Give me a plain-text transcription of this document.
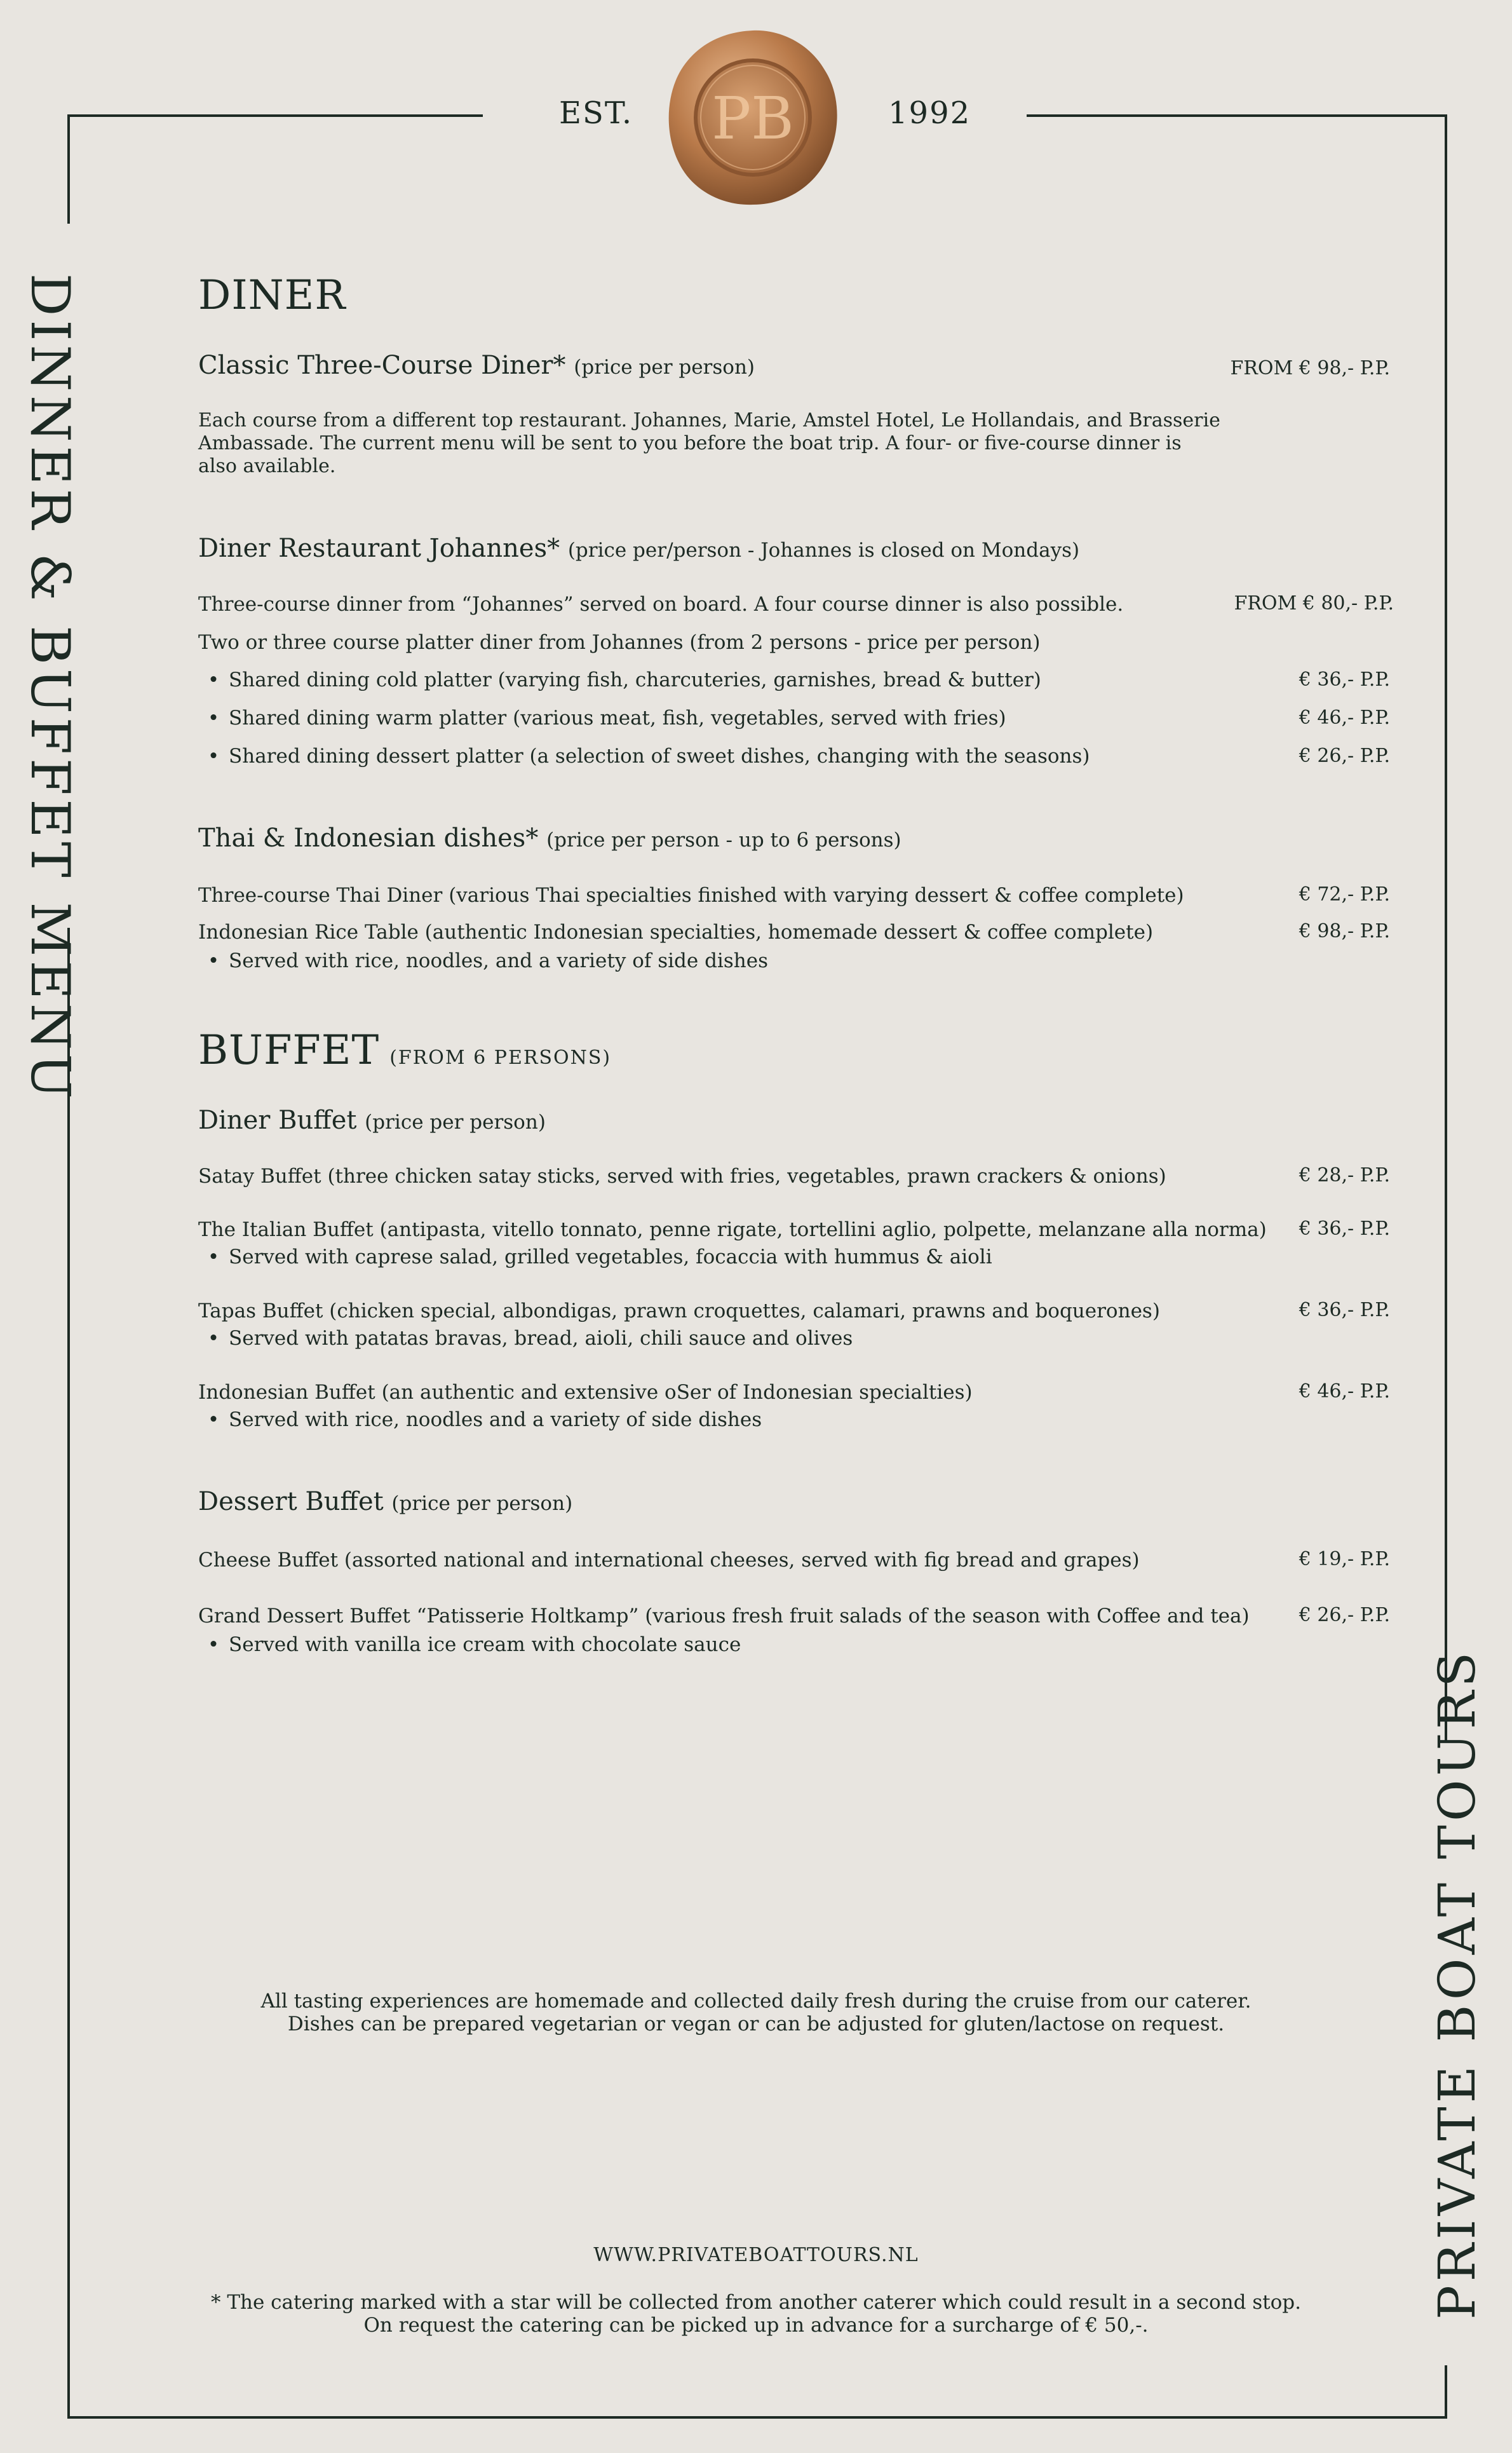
EST.	1992
PB
DINNER & BUFFET MENU
PRIVATE BOAT TOURS
DINER
Classic Three-Course Diner* (price per person)	FROM € 98,- P.P.
Each course from a different top restaurant. Johannes, Marie, Amstel Hotel, Le Hollandais, and Brasserie Ambassade. The current menu will be sent to you before the boat trip. A four- or five-course dinner is also available.
Diner Restaurant Johannes* (price per/person - Johannes is closed on Mondays)
Three-course dinner from “Johannes” served on board. A four course dinner is also possible.	FROM € 80,- P.P.
Two or three course platter diner from Johannes (from 2 persons - price per person)
• Shared dining cold platter (varying fish, charcuteries, garnishes, bread & butter)	€ 36,- P.P.
• Shared dining warm platter (various meat, fish, vegetables, served with fries)	€ 46,- P.P.
• Shared dining dessert platter (a selection of sweet dishes, changing with the seasons)	€ 26,- P.P.
Thai & Indonesian dishes* (price per person - up to 6 persons)
Three-course Thai Diner (various Thai specialties finished with varying dessert & coffee complete)	€ 72,- P.P.
Indonesian Rice Table (authentic Indonesian specialties, homemade dessert & coffee complete)	€ 98,- P.P.
• Served with rice, noodles, and a variety of side dishes
BUFFET (FROM 6 PERSONS)
Diner Buffet (price per person)
Satay Buffet (three chicken satay sticks, served with fries, vegetables, prawn crackers & onions)	€ 28,- P.P.
The Italian Buffet (antipasta, vitello tonnato, penne rigate, tortellini aglio, polpette, melanzane alla norma)	€ 36,- P.P.
• Served with caprese salad, grilled vegetables, focaccia with hummus & aioli
Tapas Buffet (chicken special, albondigas, prawn croquettes, calamari, prawns and boquerones)	€ 36,- P.P.
• Served with patatas bravas, bread, aioli, chili sauce and olives
Indonesian Buffet (an authentic and extensive oSer of Indonesian specialties)	€ 46,- P.P.
• Served with rice, noodles and a variety of side dishes
Dessert Buffet (price per person)
Cheese Buffet (assorted national and international cheeses, served with fig bread and grapes)	€ 19,- P.P.
Grand Dessert Buffet “Patisserie Holtkamp” (various fresh fruit salads of the season with Coffee and tea)	€ 26,- P.P.
• Served with vanilla ice cream with chocolate sauce
All tasting experiences are homemade and collected daily fresh during the cruise from our caterer.
Dishes can be prepared vegetarian or vegan or can be adjusted for gluten/lactose on request.
WWW.PRIVATEBOATTOURS.NL
* The catering marked with a star will be collected from another caterer which could result in a second stop.
On request the catering can be picked up in advance for a surcharge of € 50,-.
